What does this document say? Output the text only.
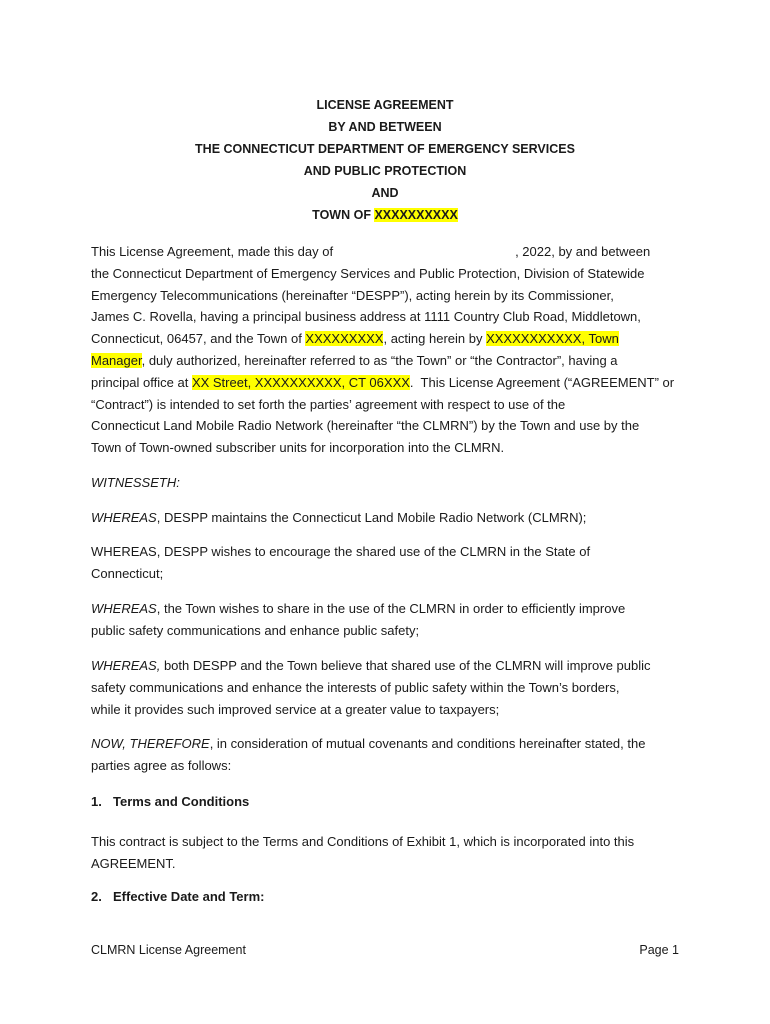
LICENSE AGREEMENT
BY AND BETWEEN
THE CONNECTICUT DEPARTMENT OF EMERGENCY SERVICES
AND PUBLIC PROTECTION
AND
TOWN OF XXXXXXXXXX
This License Agreement, made this day of	, 2022, by and between
the Connecticut Department of Emergency Services and Public Protection, Division of Statewide
Emergency Telecommunications (hereinafter “DESPP”), acting herein by its Commissioner,
James C. Rovella, having a principal business address at 1111 Country Club Road, Middletown,
Connecticut, 06457, and the Town of XXXXXXXXX, acting herein by XXXXXXXXXXX, Town
Manager, duly authorized, hereinafter referred to as “the Town” or “the Contractor”, having a
principal office at XX Street, XXXXXXXXXX, CT 06XXX.  This License Agreement (“AGREEMENT” or
“Contract”) is intended to set forth the parties’ agreement with respect to use of the
Connecticut Land Mobile Radio Network (hereinafter “the CLMRN”) by the Town and use by the
Town of Town-owned subscriber units for incorporation into the CLMRN.
WITNESSETH:
WHEREAS, DESPP maintains the Connecticut Land Mobile Radio Network (CLMRN);
WHEREAS, DESPP wishes to encourage the shared use of the CLMRN in the State of
Connecticut;
WHEREAS, the Town wishes to share in the use of the CLMRN in order to efficiently improve
public safety communications and enhance public safety;
WHEREAS, both DESPP and the Town believe that shared use of the CLMRN will improve public
safety communications and enhance the interests of public safety within the Town’s borders,
while it provides such improved service at a greater value to taxpayers;
NOW, THEREFORE, in consideration of mutual covenants and conditions hereinafter stated, the
parties agree as follows:
1. Terms and Conditions
This contract is subject to the Terms and Conditions of Exhibit 1, which is incorporated into this
AGREEMENT.
2. Effective Date and Term:
CLMRN License Agreement	Page 1
